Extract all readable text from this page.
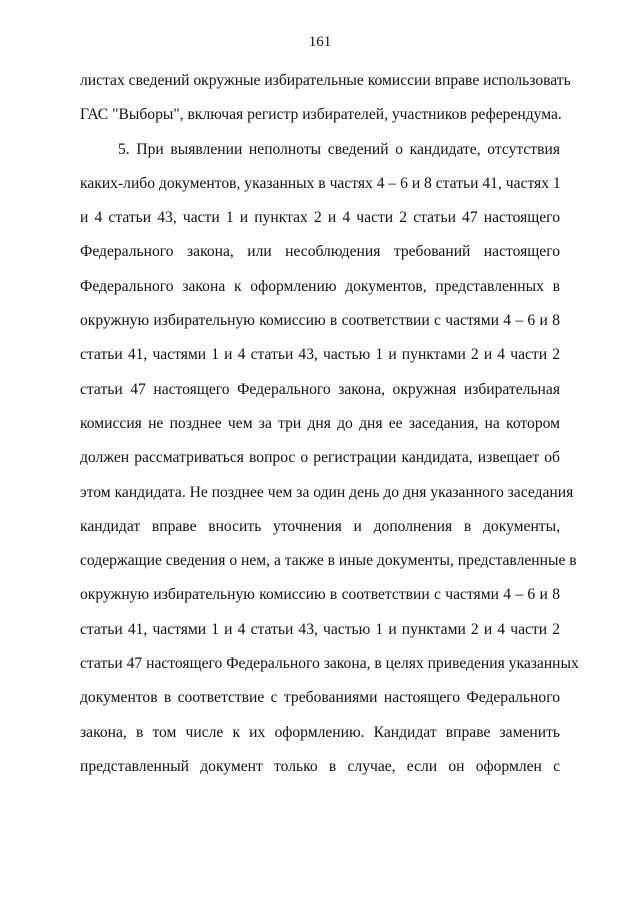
161
листах сведений окружные избирательные комиссии вправе использовать
ГАС "Выборы", включая регистр избирателей, участников референдума.
5. При выявлении неполноты сведений о кандидате, отсутствия
каких-либо документов, указанных в частях 4 – 6 и 8 статьи 41, частях 1
и 4 статьи 43, части 1 и пунктах 2 и 4 части 2 статьи 47 настоящего
Федерального закона, или несоблюдения требований настоящего
Федерального закона к оформлению документов, представленных в
окружную избирательную комиссию в соответствии с частями 4 – 6 и 8
статьи 41, частями 1 и 4 статьи 43, частью 1 и пунктами 2 и 4 части 2
статьи 47 настоящего Федерального закона, окружная избирательная
комиссия не позднее чем за три дня до дня ее заседания, на котором
должен рассматриваться вопрос о регистрации кандидата, извещает об
этом кандидата. Не позднее чем за один день до дня указанного заседания
кандидат вправе вносить уточнения и дополнения в документы,
содержащие сведения о нем, а также в иные документы, представленные в
окружную избирательную комиссию в соответствии с частями 4 – 6 и 8
статьи 41, частями 1 и 4 статьи 43, частью 1 и пунктами 2 и 4 части 2
статьи 47 настоящего Федерального закона, в целях приведения указанных
документов в соответствие с требованиями настоящего Федерального
закона, в том числе к их оформлению. Кандидат вправе заменить
представленный документ только в случае, если он оформлен с
